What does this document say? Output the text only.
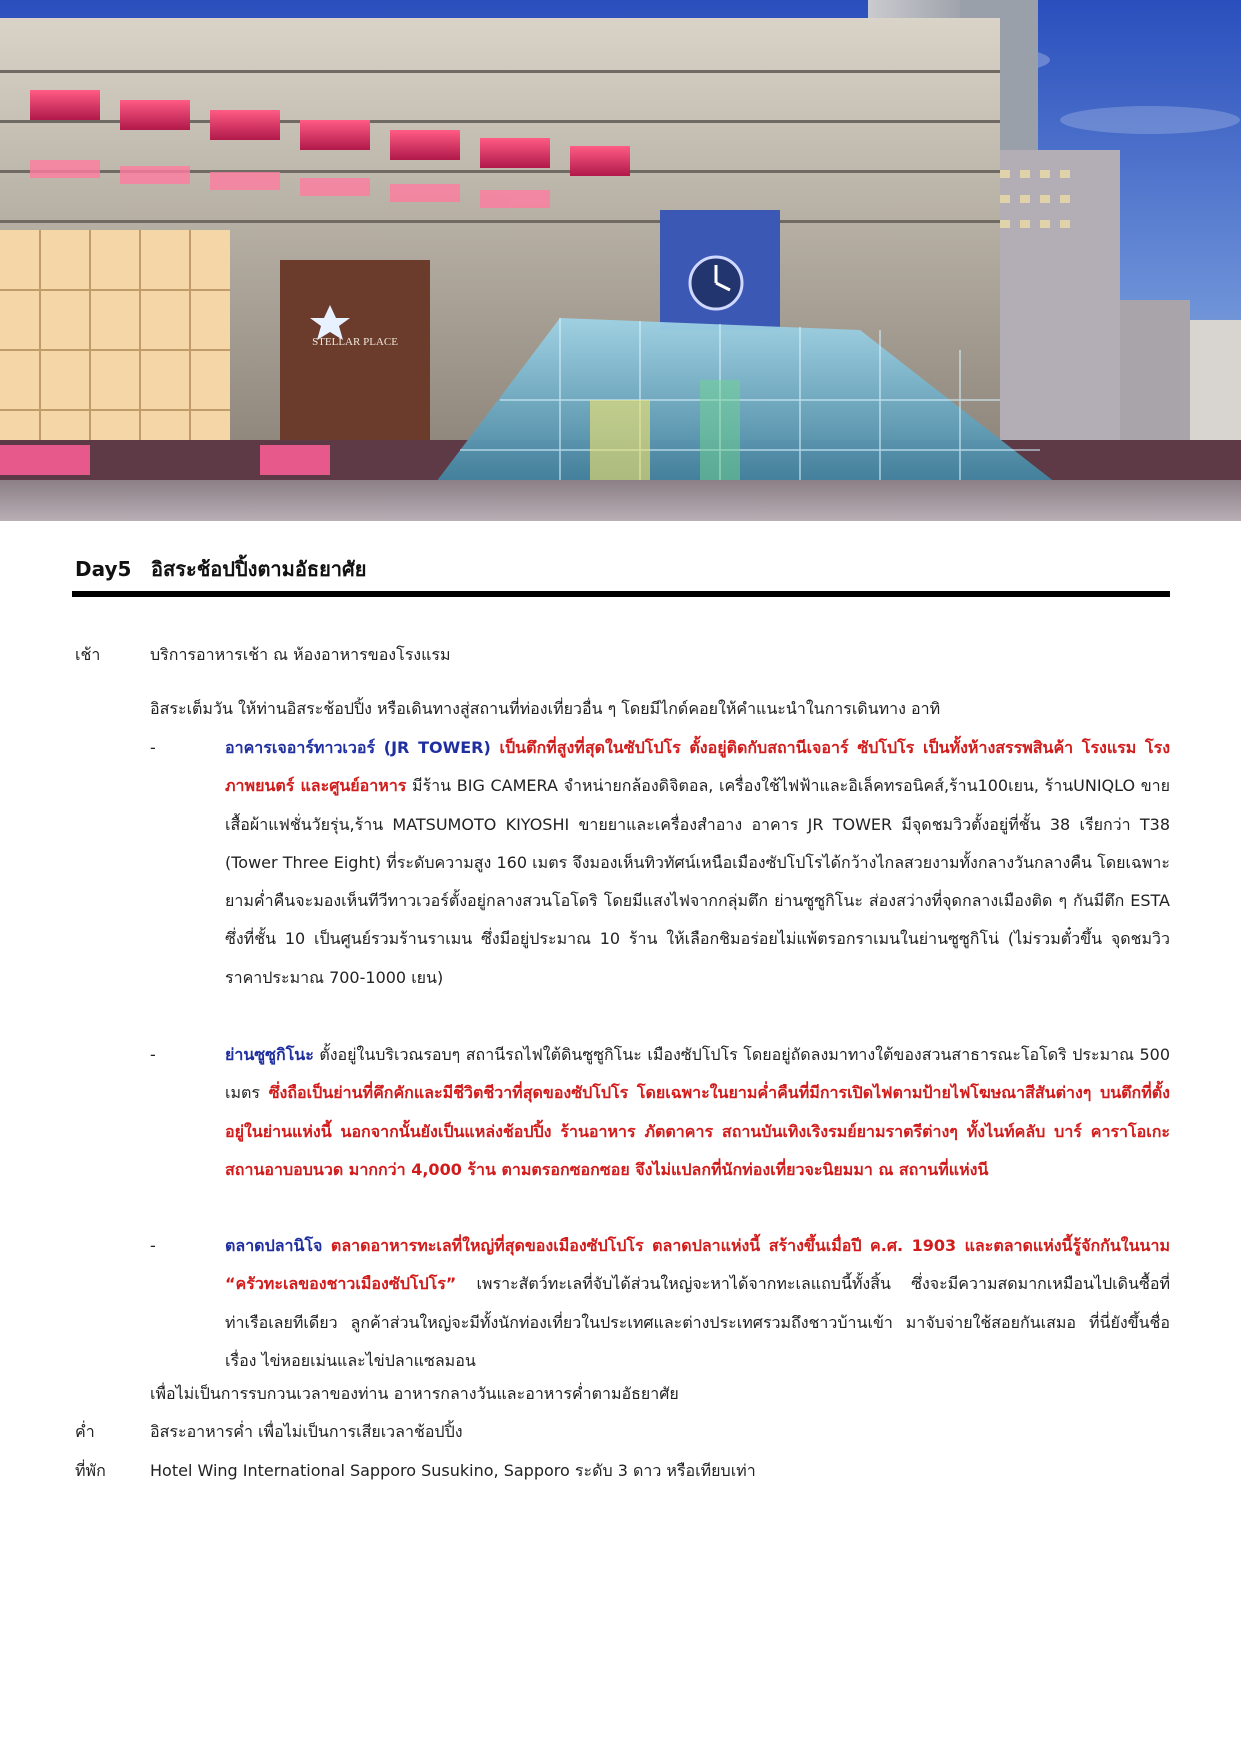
STELLAR PLACE
Day5 อิสระช้อปปิ้งตามอัธยาศัย
เช้า	บริการอาหารเช้า ณ ห้องอาหารของโรงแรม
อิสระเต็มวัน ให้ท่านอิสระช้อปปิ้ง หรือเดินทางสู่สถานที่ท่องเที่ยวอื่น ๆ โดยมีไกด์คอยให้คำแนะนำในการเดินทาง อาทิ
-	อาคารเจอาร์ทาวเวอร์ (JR TOWER) เป็นตึกที่สูงที่สุดในซัปโปโร ตั้งอยู่ติดกับสถานีเจอาร์ ซัปโปโร เป็นทั้งห้างสรรพสินค้า โรงแรม โรงภาพยนตร์ และศูนย์อาหาร มีร้าน BIG CAMERA จำหน่ายกล้องดิจิตอล, เครื่องใช้ไฟฟ้าและอิเล็คทรอนิคส์,ร้าน100เยน, ร้านUNIQLO ขายเสื้อผ้าแฟชั่นวัยรุ่น,ร้าน MATSUMOTO KIYOSHI ขายยาและเครื่องสำอาง อาคาร JR TOWER มีจุดชมวิวตั้งอยู่ที่ชั้น 38 เรียกว่า T38 (Tower Three Eight) ที่ระดับความสูง 160 เมตร จึงมองเห็นทิวทัศน์เหนือเมืองซัปโปโรได้กว้างไกลสวยงามทั้งกลางวันกลางคืน โดยเฉพาะยามค่ำคืนจะมองเห็นทีวีทาวเวอร์ตั้งอยู่กลางสวนโอโดริ โดยมีแสงไฟจากกลุ่มตึก ย่านซูซูกิโนะ ส่องสว่างที่จุดกลางเมืองติด ๆ กันมีตึก ESTA ซึ่งที่ชั้น 10 เป็นศูนย์รวมร้านราเมน ซึ่งมีอยู่ประมาณ 10 ร้าน ให้เลือกชิมอร่อยไม่แพ้ตรอกราเมนในย่านซูซูกิโน่ (ไม่รวมตั๋วขึ้น จุดชมวิวราคาประมาณ 700-1000 เยน)
-	ย่านซูซูกิโนะ ตั้งอยู่ในบริเวณรอบๆ สถานีรถไฟใต้ดินซูซูกิโนะ เมืองซัปโปโร โดยอยู่ถัดลงมาทางใต้ของสวนสาธารณะโอโดริ ประมาณ 500 เมตร ซึ่งถือเป็นย่านที่คึกคักและมีชีวิตชีวาที่สุดของซัปโปโร โดยเฉพาะในยามค่ำคืนที่มีการเปิดไฟตามป้ายไฟโฆษณาสีสันต่างๆ บนตึกที่ตั้งอยู่ในย่านแห่งนี้ นอกจากนั้นยังเป็นแหล่งช้อปปิ้ง ร้านอาหาร ภัตตาคาร สถานบันเทิงเริงรมย์ยามราตรีต่างๆ ทั้งไนท์คลับ บาร์ คาราโอเกะ สถานอาบอบนวด มากกว่า 4,000 ร้าน ตามตรอกซอกซอย จึงไม่แปลกที่นักท่องเที่ยวจะนิยมมา ณ สถานที่แห่งนี
-	ตลาดปลานิโจ ตลาดอาหารทะเลที่ใหญ่ที่สุดของเมืองซัปโปโร ตลาดปลาแห่งนี้ สร้างขึ้นเมื่อปี ค.ศ. 1903 และตลาดแห่งนี้รู้จักกันในนาม “ครัวทะเลของชาวเมืองซัปโปโร” เพราะสัตว์ทะเลที่จับได้ส่วนใหญ่จะหาได้จากทะเลแถบนี้ทั้งสิ้น ซึ่งจะมีความสดมากเหมือนไปเดินซื้อที่ ท่าเรือเลยทีเดียว ลูกค้าส่วนใหญ่จะมีทั้งนักท่องเที่ยวในประเทศและต่างประเทศรวมถึงชาวบ้านเข้า มาจับจ่ายใช้สอยกันเสมอ ที่นี่ยังขึ้นชื่อเรื่อง ไข่หอยเม่นและไข่ปลาแซลมอน
เพื่อไม่เป็นการรบกวนเวลาของท่าน อาหารกลางวันและอาหารค่ำตามอัธยาศัย
ค่ำ	อิสระอาหารค่ำ เพื่อไม่เป็นการเสียเวลาช้อปปิ้ง
ที่พัก	Hotel Wing International Sapporo Susukino, Sapporo ระดับ 3 ดาว หรือเทียบเท่า
